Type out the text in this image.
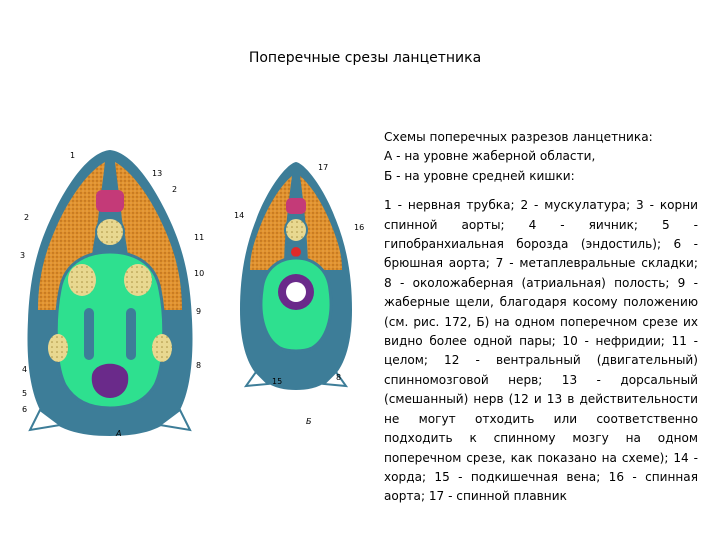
Поперечные срезы ланцетника
1
13
2
2
3
11
10
9
8
4
5
6
А
17
14
16
15	8
Б
Схемы поперечных разрезов ланцетника:
А - на уровне жаберной области,
Б - на уровне средней кишки:
1 - нервная трубка; 2 - мускулатура; 3 - корни спинной аорты; 4 - яичник; 5 - гипобранхиальная борозда (эндостиль); 6 - брюшная аорта; 7 - метаплевральные складки; 8 - околожаберная (атриальная) полость; 9 - жаберные щели, благодаря косому положению (см. рис. 172, Б) на одном поперечном срезе их видно более одной пары; 10 - нефридии; 11 - целом; 12 - вентральный (двигательный) спинномозговой нерв; 13 - дорсальный (смешанный) нерв (12 и 13 в действительности не могут отходить или соответственно подходить к спинному мозгу на одном поперечном срезе, как показано на схеме); 14 - хорда; 15 - подкишечная вена; 16 - спинная аорта; 17 - спинной плавник
